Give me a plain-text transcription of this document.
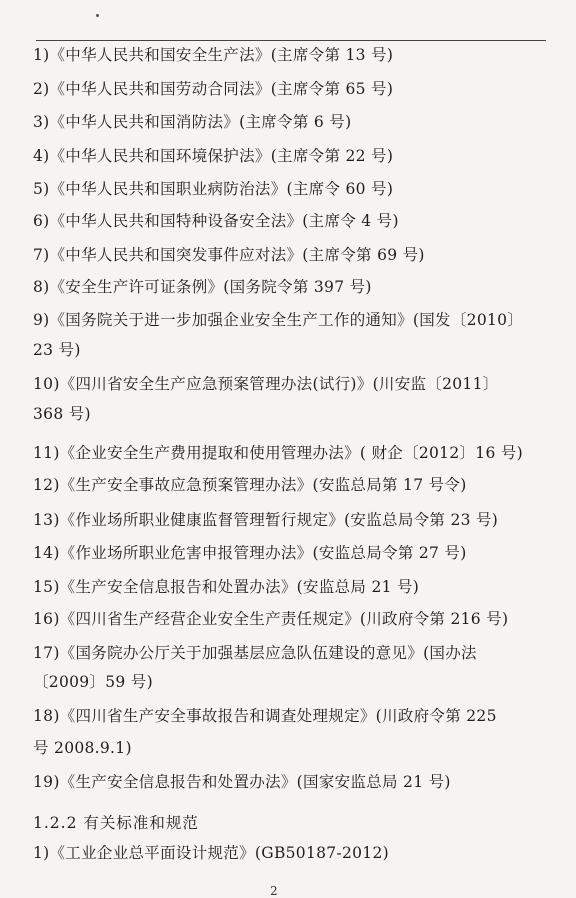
1)《中华人民共和国安全生产法》(主席令第 13 号)
2)《中华人民共和国劳动合同法》(主席令第 65 号)
3)《中华人民共和国消防法》(主席令第 6 号)
4)《中华人民共和国环境保护法》(主席令第 22 号)
5)《中华人民共和国职业病防治法》(主席令 60 号)
6)《中华人民共和国特种设备安全法》(主席令 4 号)
7)《中华人民共和国突发事件应对法》(主席令第 69 号)
8)《安全生产许可证条例》(国务院令第 397 号)
9)《国务院关于进一步加强企业安全生产工作的通知》(国发〔2010〕
23 号)
10)《四川省安全生产应急预案管理办法(试行)》(川安监〔2011〕
368 号)
11)《企业安全生产费用提取和使用管理办法》( 财企〔2012〕16 号)
12)《生产安全事故应急预案管理办法》(安监总局第 17 号令)
13)《作业场所职业健康监督管理暂行规定》(安监总局令第 23 号)
14)《作业场所职业危害申报管理办法》(安监总局令第 27 号)
15)《生产安全信息报告和处置办法》(安监总局 21 号)
16)《四川省生产经营企业安全生产责任规定》(川政府令第 216 号)
17)《国务院办公厅关于加强基层应急队伍建设的意见》(国办法
〔2009〕59 号)
18)《四川省生产安全事故报告和调查处理规定》(川政府令第 225
号 2008.9.1)
19)《生产安全信息报告和处置办法》(国家安监总局 21 号)
1.2.2 有关标准和规范
1)《工业企业总平面设计规范》(GB50187-2012)
2
